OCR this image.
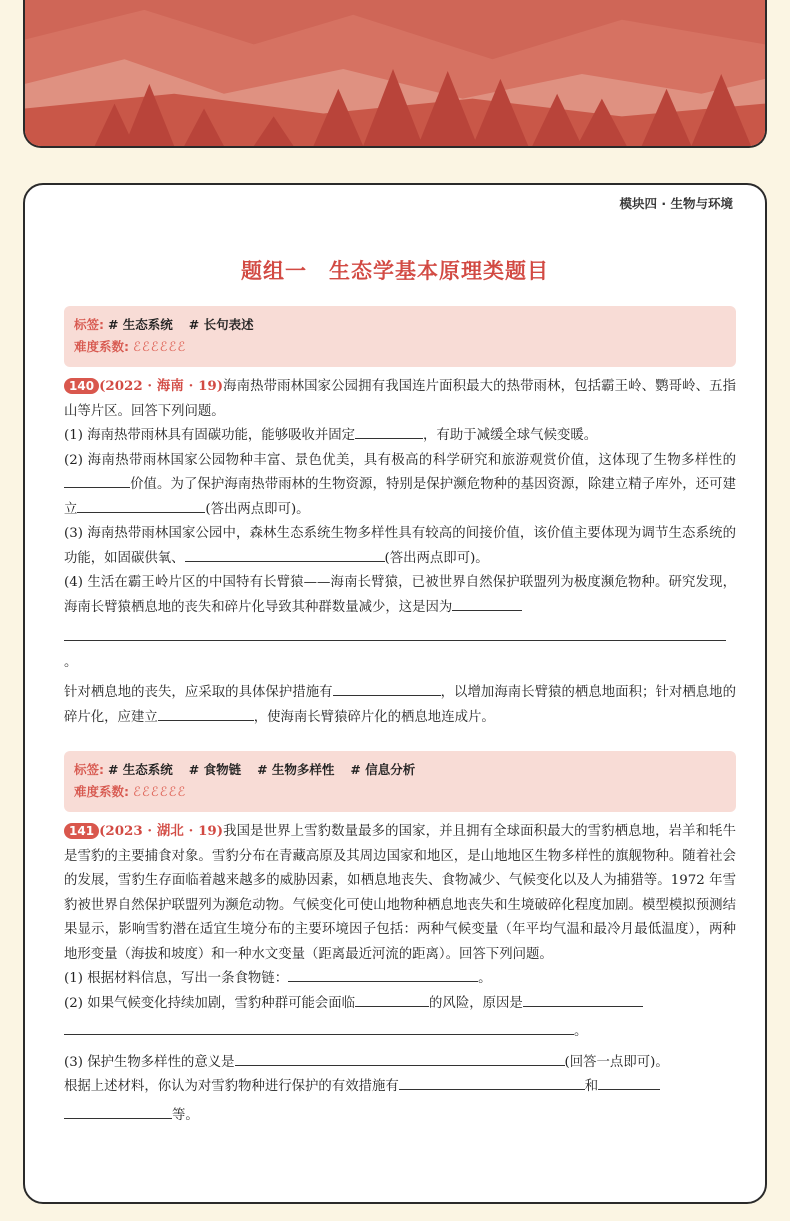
模块四 · 生物与环境
题组一　生态学基本原理类题目
标签: # 生态系统 # 长句表述
难度系数: ℰℰℰℰℰℰ

140 (2022 · 海南 · 19)海南热带雨林国家公园拥有我国连片面积最大的热带雨林，包括霸王岭、鹦哥岭、五指山等片区。回答下列问题。

(1) 海南热带雨林具有固碳功能，能够吸收并固定	，有助于减缓全球气候变暖。

(2) 海南热带雨林国家公园物种丰富、景色优美，具有极高的科学研究和旅游观赏价值，这体现了生物多样性的价值。为了保护海南热带雨林的生物资源，特别是保护濒危物种的基因资源，除建立精子库外，还可建立	(答出两点即可)。

(3) 海南热带雨林国家公园中，森林生态系统生物多样性具有较高的间接价值，该价值主要体现为调节生态系统的功能，如固碳供氧、	(答出两点即可)。

(4) 生活在霸王岭片区的中国特有长臂猿——海南长臂猿，已被世界自然保护联盟列为极度濒危物种。研究发现，海南长臂猿栖息地的丧失和碎片化导致其种群数量减少，这是因为

。

针对栖息地的丧失，应采取的具体保护措施有	，以增加海南长臂猿的栖息地面积；针对栖息地的碎片化，应建立	，使海南长臂猿碎片化的栖息地连成片。

标签: # 生态系统 # 食物链 # 生物多样性 # 信息分析
难度系数: ℰℰℰℰℰℰ

141 (2023 · 湖北 · 19)我国是世界上雪豹数量最多的国家，并且拥有全球面积最大的雪豹栖息地，岩羊和牦牛是雪豹的主要捕食对象。雪豹分布在青藏高原及其周边国家和地区，是山地地区生物多样性的旗舰物种。随着社会的发展，雪豹生存面临着越来越多的威胁因素，如栖息地丧失、食物减少、气候变化以及人为捕猎等。1972 年雪豹被世界自然保护联盟列为濒危动物。气候变化可使山地物种栖息地丧失和生境破碎化程度加剧。模型模拟预测结果显示，影响雪豹潜在适宜生境分布的主要环境因子包括：两种气候变量（年平均气温和最冷月最低温度），两种地形变量（海拔和坡度）和一种水文变量（距离最近河流的距离）。回答下列问题。

(1) 根据材料信息，写出一条食物链：	。

(2) 如果气候变化持续加剧，雪豹种群可能会面临	的风险，原因是

。

(3) 保护生物多样性的意义是	(回答一点即可)。

根据上述材料，你认为对雪豹物种进行保护的有效措施有	和

等。
